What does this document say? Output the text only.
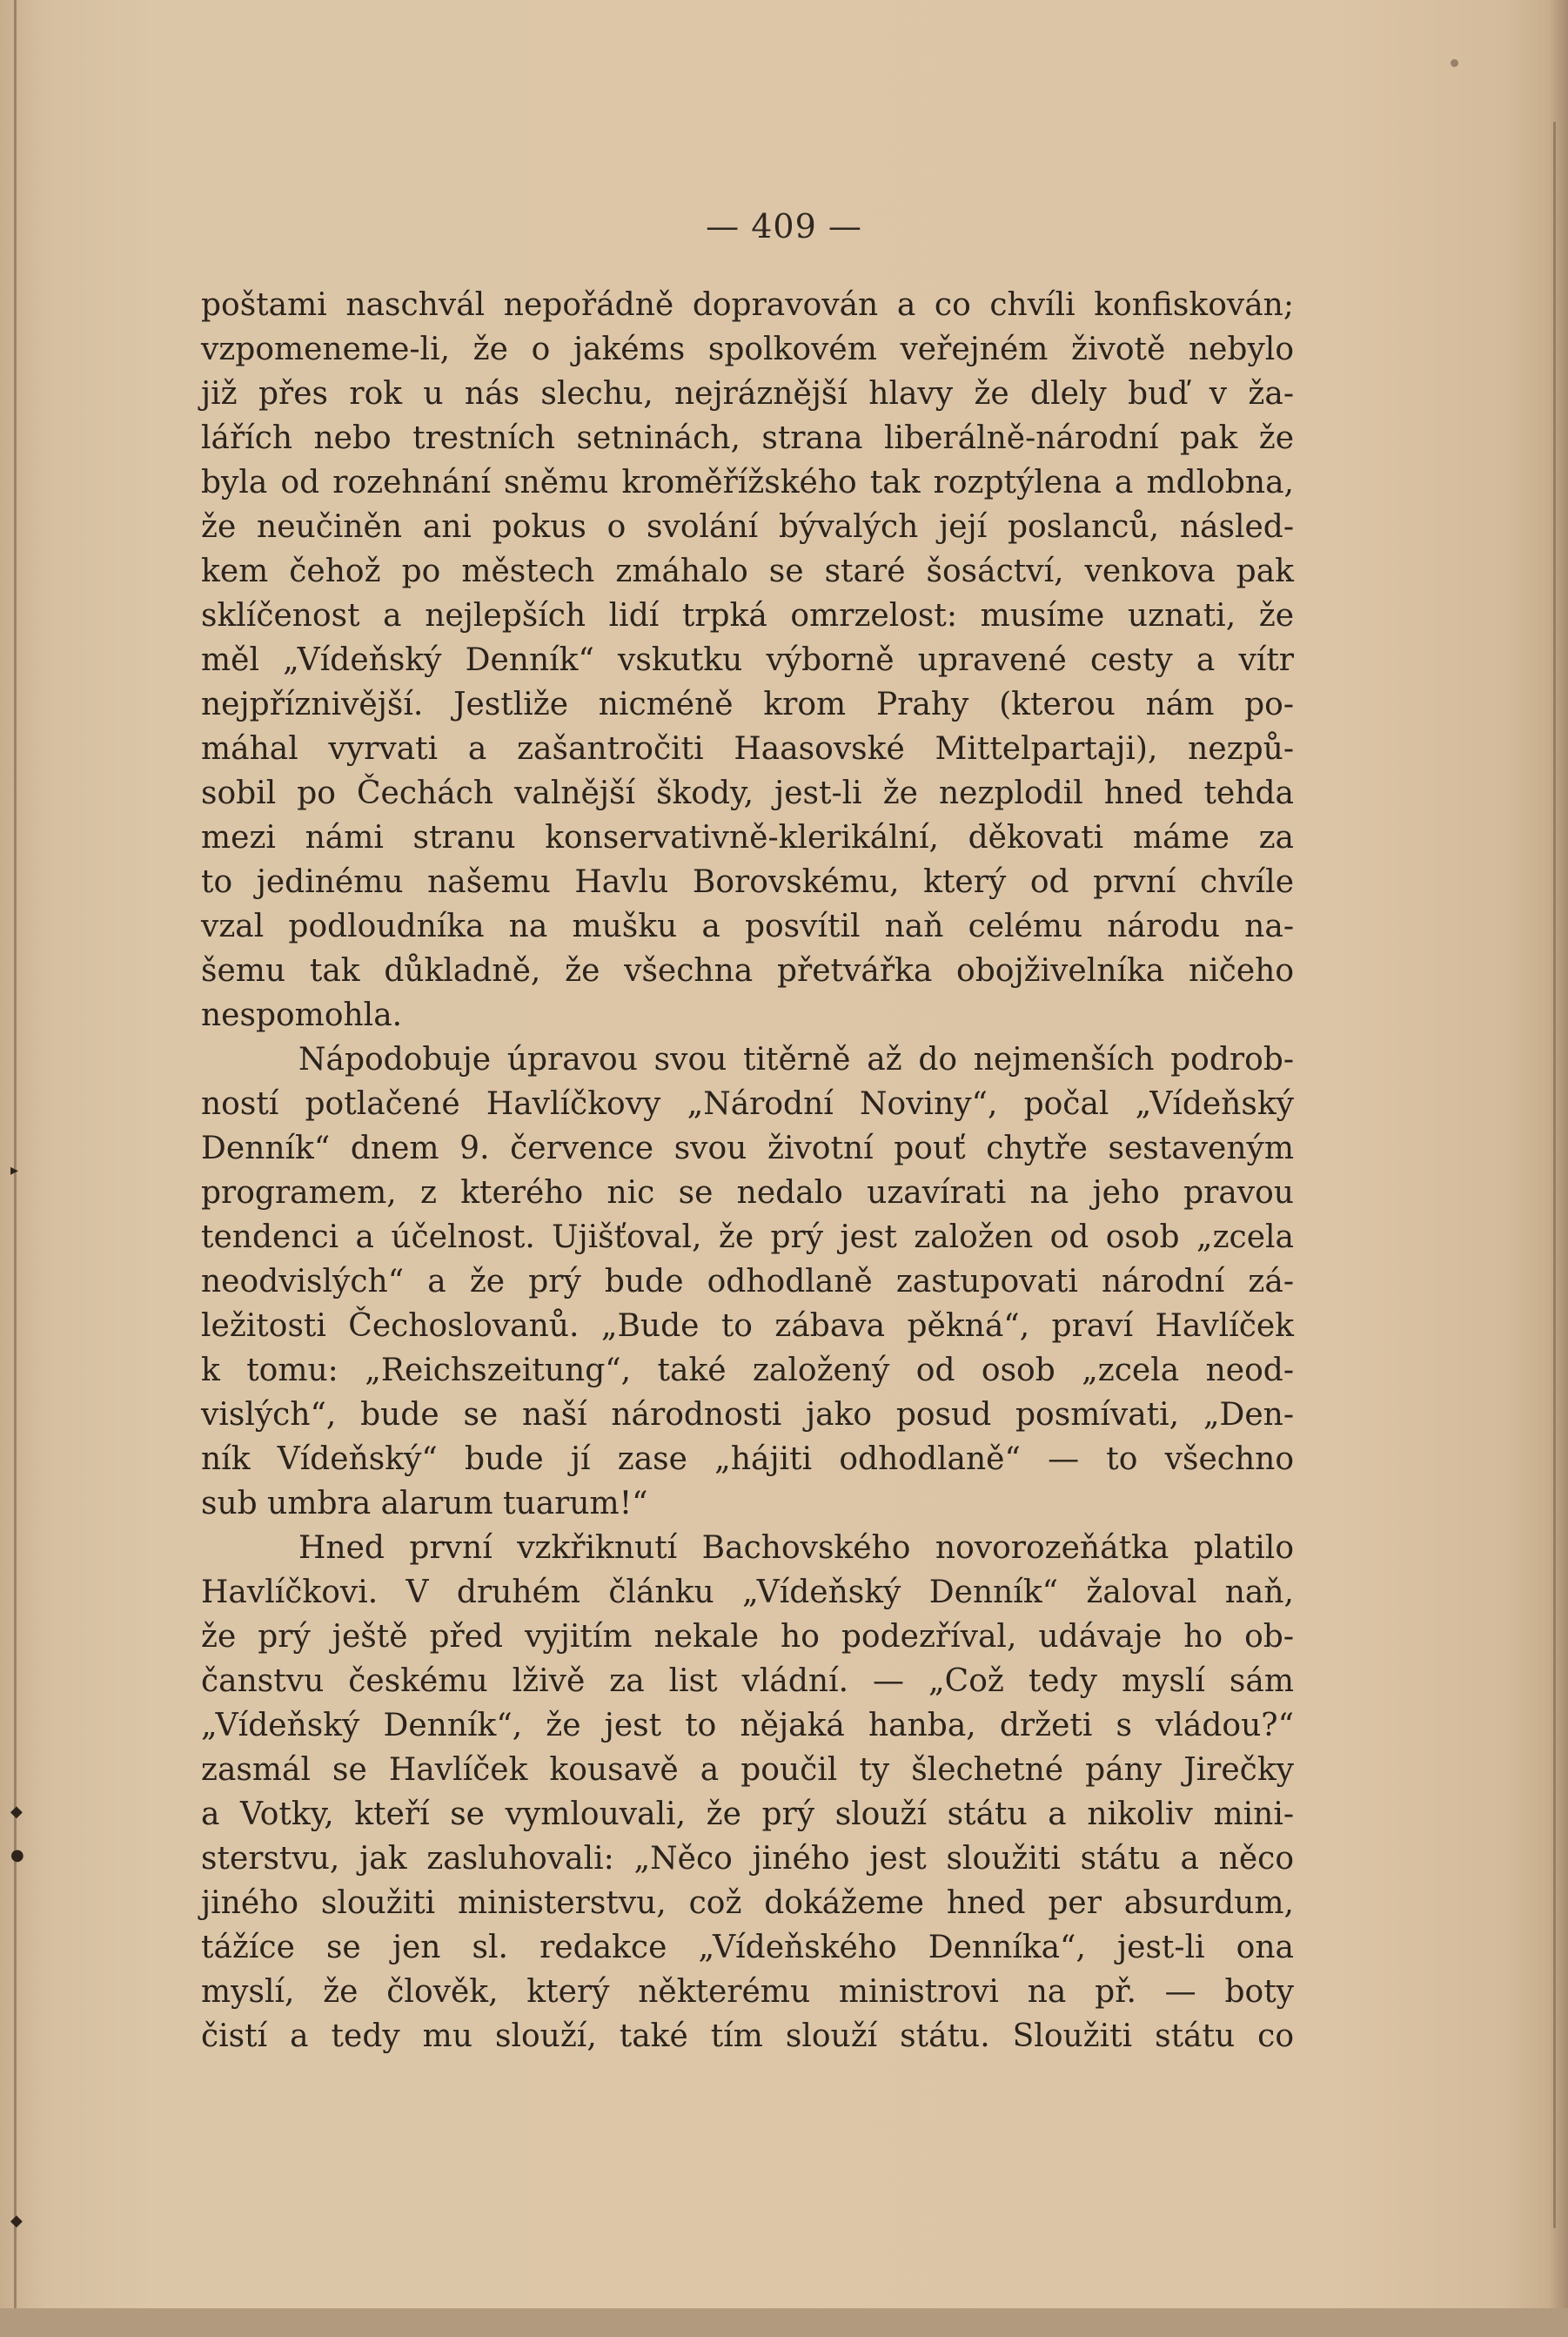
▸
◆
●
◆
— 409 —
poštami naschvál nepořádně dopravován a co chvíli konfiskován;
vzpomeneme-li, že o jakéms spolkovém veřejném životě nebylo
již přes rok u nás slechu, nejráznější hlavy že dlely buď v ža-
lářích nebo trestních setninách, strana liberálně-národní pak že
byla od rozehnání sněmu kroměřížského tak rozptýlena a mdlobna,
že neučiněn ani pokus o svolání bývalých její poslanců, násled-
kem čehož po městech zmáhalo se staré šosáctví, venkova pak
sklíčenost a nejlepších lidí trpká omrzelost: musíme uznati, že
měl „Vídeňský Denník“ vskutku výborně upravené cesty a vítr
nejpříznivější. Jestliže nicméně krom Prahy (kterou nám po-
máhal vyrvati a zašantročiti Haasovské Mittelpartaji), nezpů-
sobil po Čechách valnější škody, jest-li že nezplodil hned tehda
mezi námi stranu konservativně-klerikální, děkovati máme za
to jedinému našemu Havlu Borovskému, který od první chvíle
vzal podloudníka na mušku a posvítil naň celému národu na-
šemu tak důkladně, že všechna přetvářka obojživelníka ničeho
nespomohla.
Nápodobuje úpravou svou titěrně až do nejmenších podrob-
ností potlačené Havlíčkovy „Národní Noviny“, počal „Vídeňský
Denník“ dnem 9. července svou životní pouť chytře sestaveným
programem, z kterého nic se nedalo uzavírati na jeho pravou
tendenci a účelnost. Ujišťoval, že prý jest založen od osob „zcela
neodvislých“ a že prý bude odhodlaně zastupovati národní zá-
ležitosti Čechoslovanů. „Bude to zábava pěkná“, praví Havlíček
k tomu: „Reichszeitung“, také založený od osob „zcela neod-
vislých“, bude se naší národnosti jako posud posmívati, „Den-
ník Vídeňský“ bude jí zase „hájiti odhodlaně“ — to všechno
sub umbra alarum tuarum!“
Hned první vzkřiknutí Bachovského novorozeňátka platilo
Havlíčkovi. V druhém článku „Vídeňský Denník“ žaloval naň,
že prý ještě před vyjitím nekale ho podezříval, udávaje ho ob-
čanstvu českému lživě za list vládní. — „Což tedy myslí sám
„Vídeňský Denník“, že jest to nějaká hanba, držeti s vládou?“
zasmál se Havlíček kousavě a poučil ty šlechetné pány Jirečky
a Votky, kteří se vymlouvali, že prý slouží státu a nikoliv mini-
sterstvu, jak zasluhovali: „Něco jiného jest sloužiti státu a něco
jiného sloužiti ministerstvu, což dokážeme hned per absurdum,
tážíce se jen sl. redakce „Vídeňského Denníka“, jest-li ona
myslí, že člověk, který některému ministrovi na př. — boty
čistí a tedy mu slouží, také tím slouží státu. Sloužiti státu co
